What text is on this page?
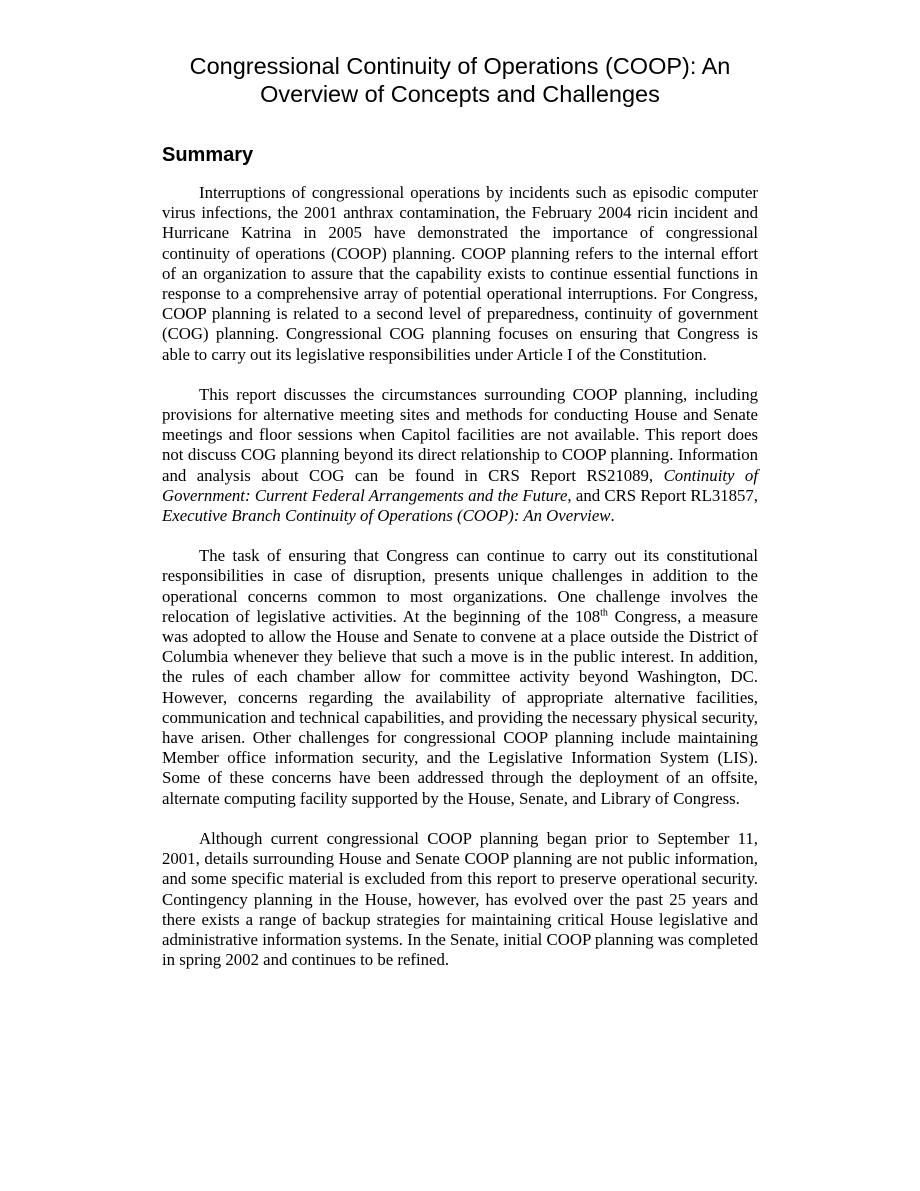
Congressional Continuity of Operations (COOP): An
Overview of Concepts and Challenges
Summary

Interruptions of congressional operations by incidents such as episodic computer virus infections, the 2001 anthrax contamination, the February 2004 ricin incident and Hurricane Katrina in 2005 have demonstrated the importance of congressional continuity of operations (COOP) planning. COOP planning refers to the internal effort of an organization to assure that the capability exists to continue essential functions in response to a comprehensive array of potential operational interruptions. For Congress, COOP planning is related to a second level of preparedness, continuity of government (COG) planning. Congressional COG planning focuses on ensuring that Congress is able to carry out its legislative responsibilities under Article I of the Constitution.

This report discusses the circumstances surrounding COOP planning, including provisions for alternative meeting sites and methods for conducting House and Senate meetings and floor sessions when Capitol facilities are not available. This report does not discuss COG planning beyond its direct relationship to COOP planning. Information and analysis about COG can be found in CRS Report RS21089, Continuity of Government: Current Federal Arrangements and the Future, and CRS Report RL31857, Executive Branch Continuity of Operations (COOP): An Overview.

The task of ensuring that Congress can continue to carry out its constitutional responsibilities in case of disruption, presents unique challenges in addition to the operational concerns common to most organizations. One challenge involves the relocation of legislative activities. At the beginning of the 108th Congress, a measure was adopted to allow the House and Senate to convene at a place outside the District of Columbia whenever they believe that such a move is in the public interest. In addition, the rules of each chamber allow for committee activity beyond Washington, DC. However, concerns regarding the availability of appropriate alternative facilities, communication and technical capabilities, and providing the necessary physical security, have arisen. Other challenges for congressional COOP planning include maintaining Member office information security, and the Legislative Information System (LIS). Some of these concerns have been addressed through the deployment of an offsite, alternate computing facility supported by the House, Senate, and Library of Congress.

Although current congressional COOP planning began prior to September 11, 2001, details surrounding House and Senate COOP planning are not public information, and some specific material is excluded from this report to preserve operational security. Contingency planning in the House, however, has evolved over the past 25 years and there exists a range of backup strategies for maintaining critical House legislative and administrative information systems. In the Senate, initial COOP planning was completed in spring 2002 and continues to be refined.
